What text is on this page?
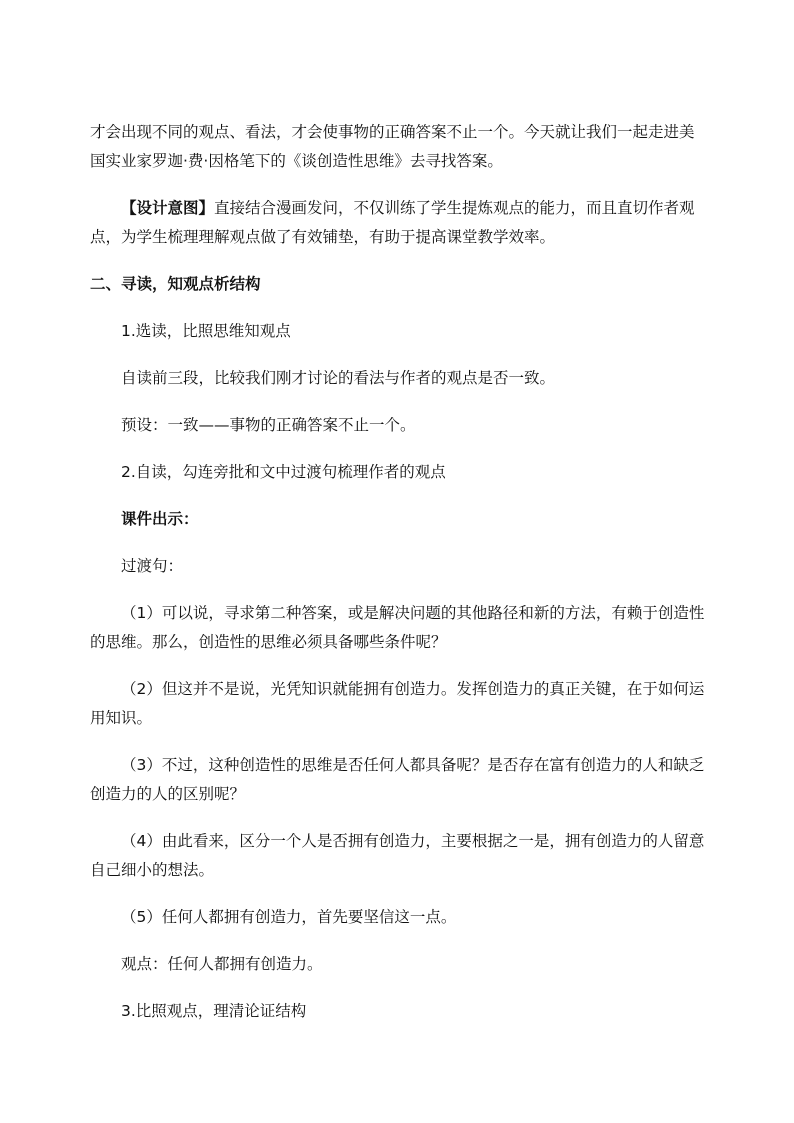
才会出现不同的观点、看法，才会使事物的正确答案不止一个。今天就让我们一起走进美国实业家罗迦·费·因格笔下的《谈创造性思维》去寻找答案。

【设计意图】直接结合漫画发问，不仅训练了学生提炼观点的能力，而且直切作者观点，为学生梳理理解观点做了有效铺垫，有助于提高课堂教学效率。

二、寻读，知观点析结构

1.选读，比照思维知观点

自读前三段，比较我们刚才讨论的看法与作者的观点是否一致。

预设：一致——事物的正确答案不止一个。

2.自读，勾连旁批和文中过渡句梳理作者的观点

课件出示：

过渡句：

（1）可以说，寻求第二种答案，或是解决问题的其他路径和新的方法，有赖于创造性的思维。那么，创造性的思维必须具备哪些条件呢？

（2）但这并不是说，光凭知识就能拥有创造力。发挥创造力的真正关键，在于如何运用知识。

（3）不过，这种创造性的思维是否任何人都具备呢？是否存在富有创造力的人和缺乏创造力的人的区别呢？

（4）由此看来，区分一个人是否拥有创造力，主要根据之一是，拥有创造力的人留意自己细小的想法。

（5）任何人都拥有创造力，首先要坚信这一点。

观点：任何人都拥有创造力。

3.比照观点，理清论证结构
